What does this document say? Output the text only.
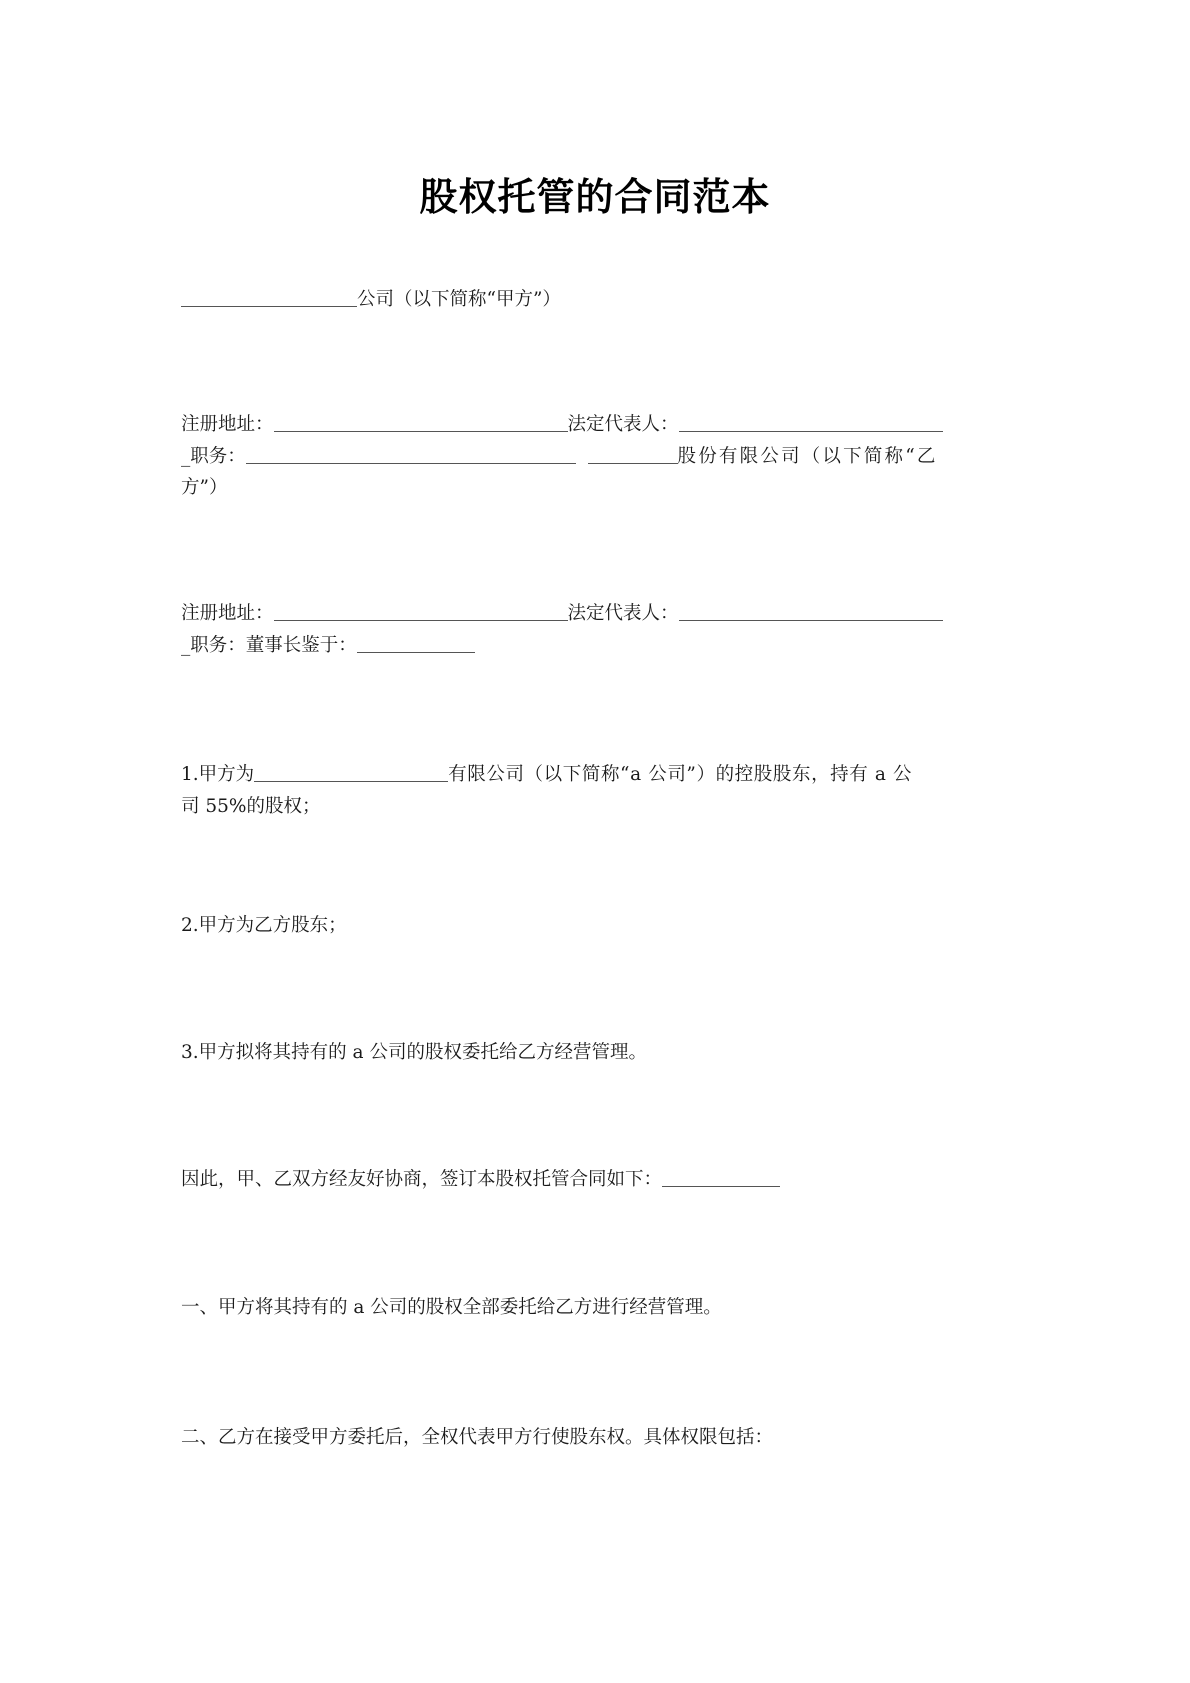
股权托管的合同范本
公司（以下简称“甲方”）
注册地址：	法定代表人：
_职务：	股份有限公司（以下简称“乙
方”）
注册地址：	法定代表人：
_职务：董事长鉴于：
1.甲方为	有限公司（以下简称“a 公司”）的控股股东，持有 a 公
司 55%的股权；
2.甲方为乙方股东；
3.甲方拟将其持有的 a 公司的股权委托给乙方经营管理。
因此，甲、乙双方经友好协商，签订本股权托管合同如下：
一、甲方将其持有的 a 公司的股权全部委托给乙方进行经营管理。
二、乙方在接受甲方委托后，全权代表甲方行使股东权。具体权限包括：
